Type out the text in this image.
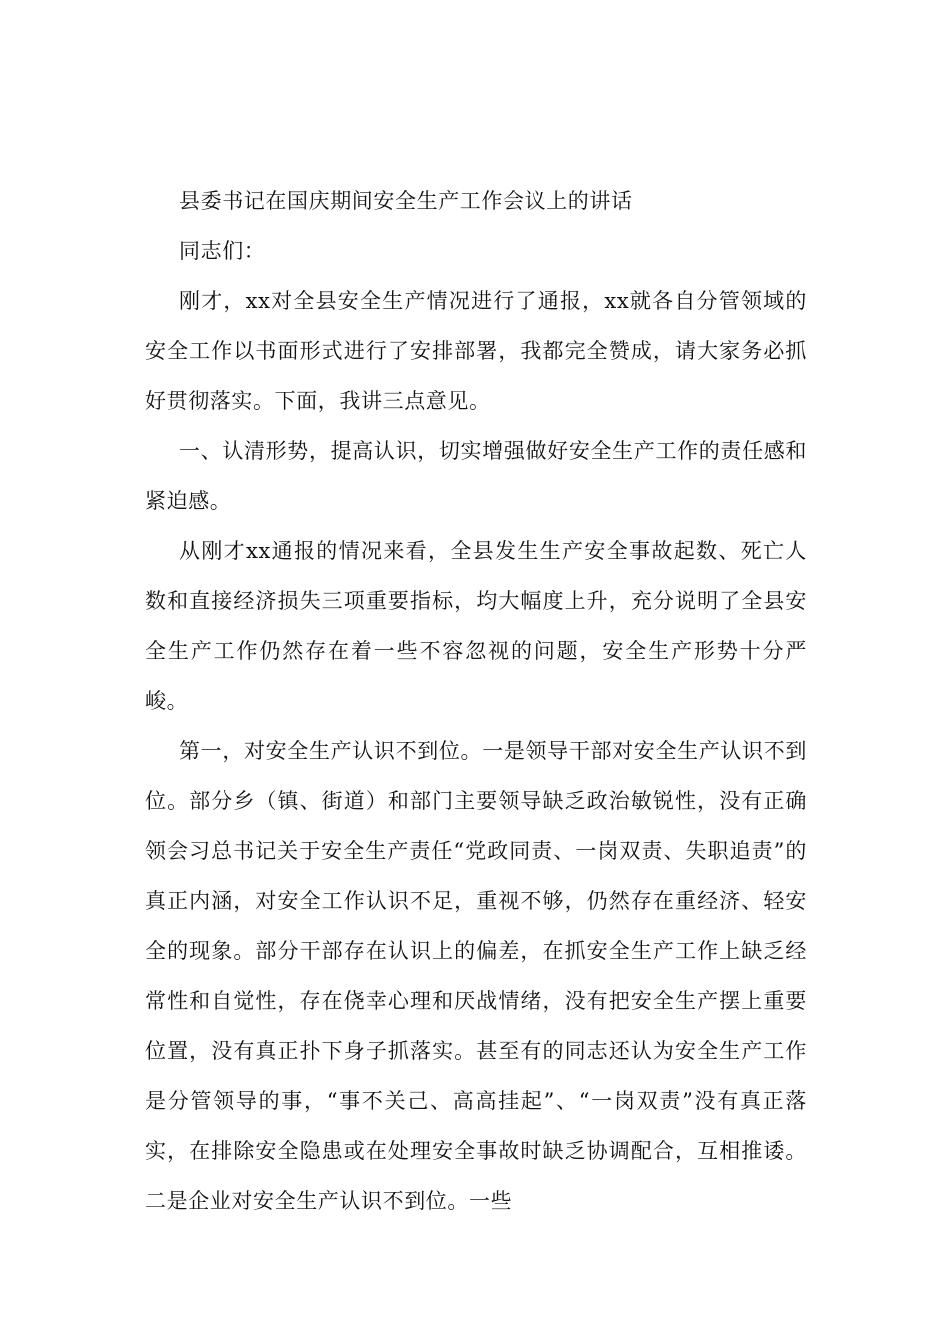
县委书记在国庆期间安全生产工作会议上的讲话

同志们：

刚才，xx对全县安全生产情况进行了通报，xx就各自分管领域的安全工作以书面形式进行了安排部署，我都完全赞成，请大家务必抓好贯彻落实。下面，我讲三点意见。

一、认清形势，提高认识，切实增强做好安全生产工作的责任感和紧迫感。

从刚才xx通报的情况来看，全县发生生产安全事故起数、死亡人数和直接经济损失三项重要指标，均大幅度上升，充分说明了全县安全生产工作仍然存在着一些不容忽视的问题，安全生产形势十分严峻。

第一，对安全生产认识不到位。一是领导干部对安全生产认识不到位。部分乡（镇、街道）和部门主要领导缺乏政治敏锐性，没有正确领会习总书记关于安全生产责任“党政同责、一岗双责、失职追责”的真正内涵，对安全工作认识不足，重视不够，仍然存在重经济、轻安全的现象。部分干部存在认识上的偏差，在抓安全生产工作上缺乏经常性和自觉性，存在侥幸心理和厌战情绪，没有把安全生产摆上重要位置，没有真正扑下身子抓落实。甚至有的同志还认为安全生产工作是分管领导的事，“事不关己、高高挂起”、“一岗双责”没有真正落实，在排除安全隐患或在处理安全事故时缺乏协调配合，互相推诿。二是企业对安全生产认识不到位。一些
